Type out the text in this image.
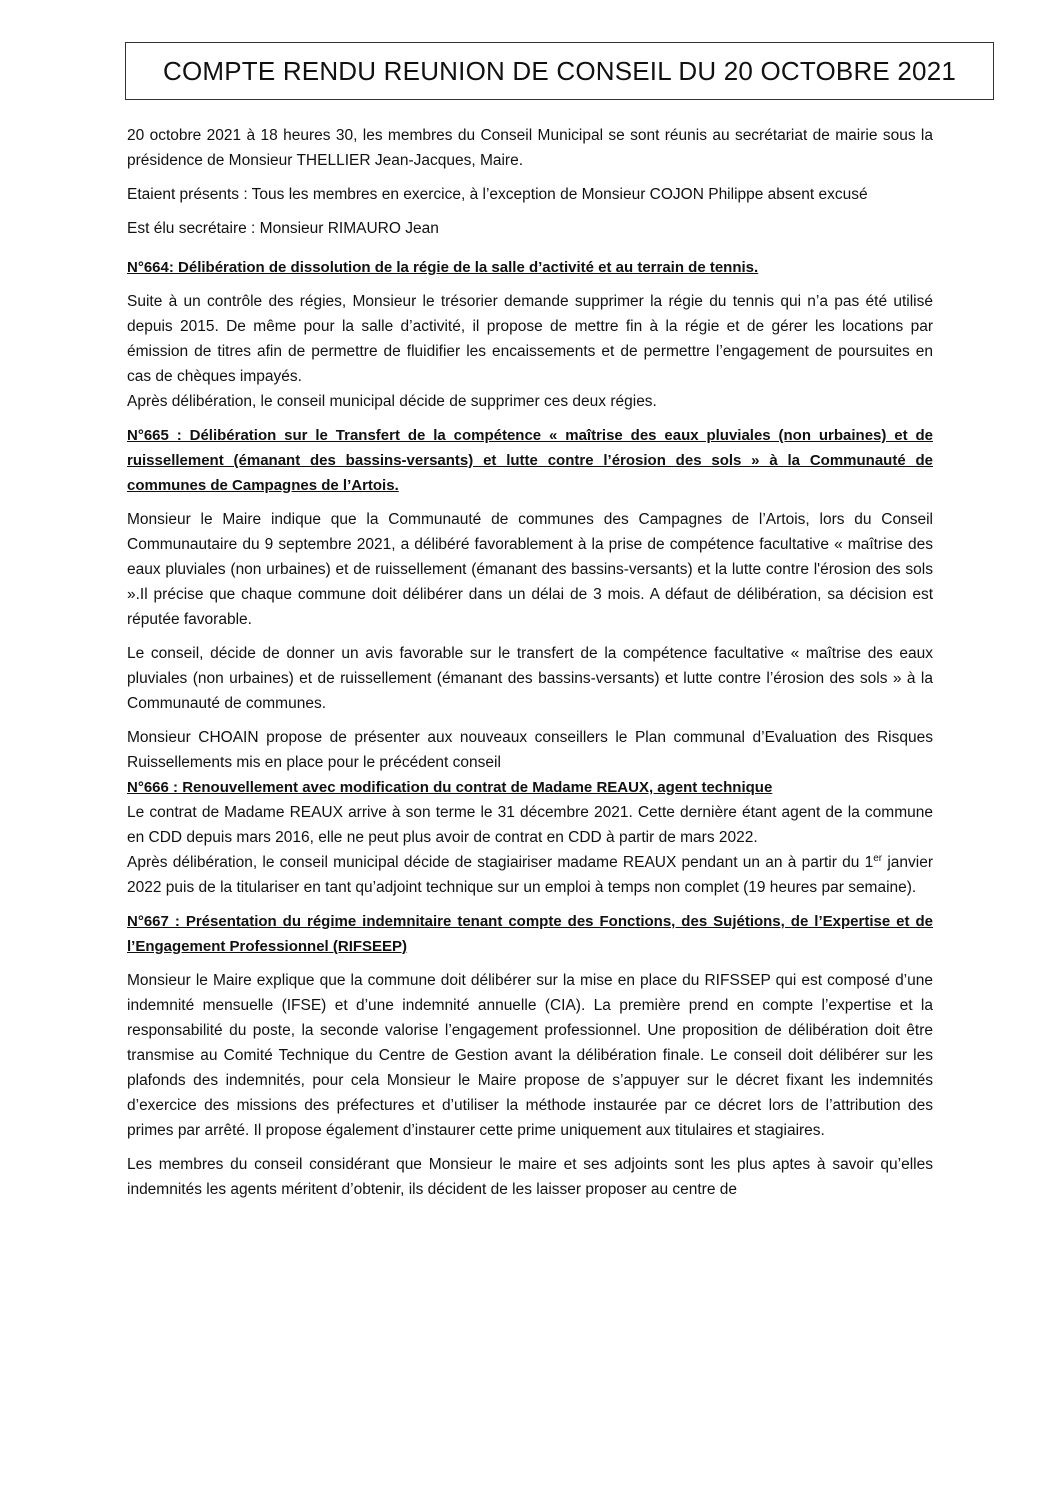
COMPTE RENDU REUNION DE CONSEIL DU 20 OCTOBRE 2021

20 octobre 2021 à 18 heures 30, les membres du Conseil Municipal se sont réunis au secrétariat de mairie sous la présidence de Monsieur THELLIER Jean-Jacques, Maire.

Etaient présents : Tous les membres en exercice, à l’exception de Monsieur COJON Philippe absent excusé

Est élu secrétaire : Monsieur RIMAURO Jean

N°664: Délibération de dissolution de la régie de la salle d’activité et au terrain de tennis.

Suite à un contrôle des régies, Monsieur le trésorier demande supprimer la régie du tennis qui n’a pas été utilisé depuis 2015. De même pour la salle d’activité, il propose de mettre fin à la régie et de gérer les locations par émission de titres afin de permettre de fluidifier les encaissements et de permettre l’engagement de poursuites en cas de chèques impayés.

Après délibération, le conseil municipal décide de supprimer ces deux régies.

N°665 : Délibération sur le Transfert de la compétence « maîtrise des eaux pluviales (non urbaines) et de ruissellement (émanant des bassins-versants) et lutte contre l’érosion des sols » à la Communauté de communes de Campagnes de l’Artois.

Monsieur le Maire indique que la Communauté de communes des Campagnes de l’Artois, lors du Conseil Communautaire du 9 septembre 2021, a délibéré favorablement à la prise de compétence facultative « maîtrise des eaux pluviales (non urbaines) et de ruissellement (émanant des bassins-versants) et la lutte contre l'érosion des sols ».Il précise que chaque commune doit délibérer dans un délai de 3 mois. A défaut de délibération, sa décision est réputée favorable.

Le conseil, décide de donner un avis favorable sur le transfert de la compétence facultative « maîtrise des eaux pluviales (non urbaines) et de ruissellement (émanant des bassins-versants) et lutte contre l’érosion des sols » à la Communauté de communes.

Monsieur CHOAIN propose de présenter aux nouveaux conseillers le Plan communal d’Evaluation des Risques Ruissellements mis en place pour le précédent conseil

N°666 : Renouvellement avec modification du contrat de Madame REAUX, agent technique

Le contrat de Madame REAUX arrive à son terme le 31 décembre 2021. Cette dernière étant agent de la commune en CDD depuis mars 2016, elle ne peut plus avoir de contrat en CDD à partir de mars 2022.

Après délibération, le conseil municipal décide de stagiairiser madame REAUX pendant un an à partir du 1er janvier 2022 puis de la titulariser en tant qu’adjoint technique sur un emploi à temps non complet (19 heures par semaine).

N°667 : Présentation du régime indemnitaire tenant compte des Fonctions, des Sujétions, de l’Expertise et de l’Engagement Professionnel (RIFSEEP)

Monsieur le Maire explique que la commune doit délibérer sur la mise en place du RIFSSEP qui est composé d’une indemnité mensuelle (IFSE) et d’une indemnité annuelle (CIA). La première prend en compte l’expertise et la responsabilité du poste, la seconde valorise l’engagement professionnel. Une proposition de délibération doit être transmise au Comité Technique du Centre de Gestion avant la délibération finale. Le conseil doit délibérer sur les plafonds des indemnités, pour cela Monsieur le Maire propose de s’appuyer sur le décret fixant les indemnités d’exercice des missions des préfectures et d’utiliser la méthode instaurée par ce décret lors de l’attribution des primes par arrêté. Il propose également d’instaurer cette prime uniquement aux titulaires et stagiaires.

Les membres du conseil considérant que Monsieur le maire et ses adjoints sont les plus aptes à savoir qu’elles indemnités les agents méritent d’obtenir, ils décident de les laisser proposer au centre de
